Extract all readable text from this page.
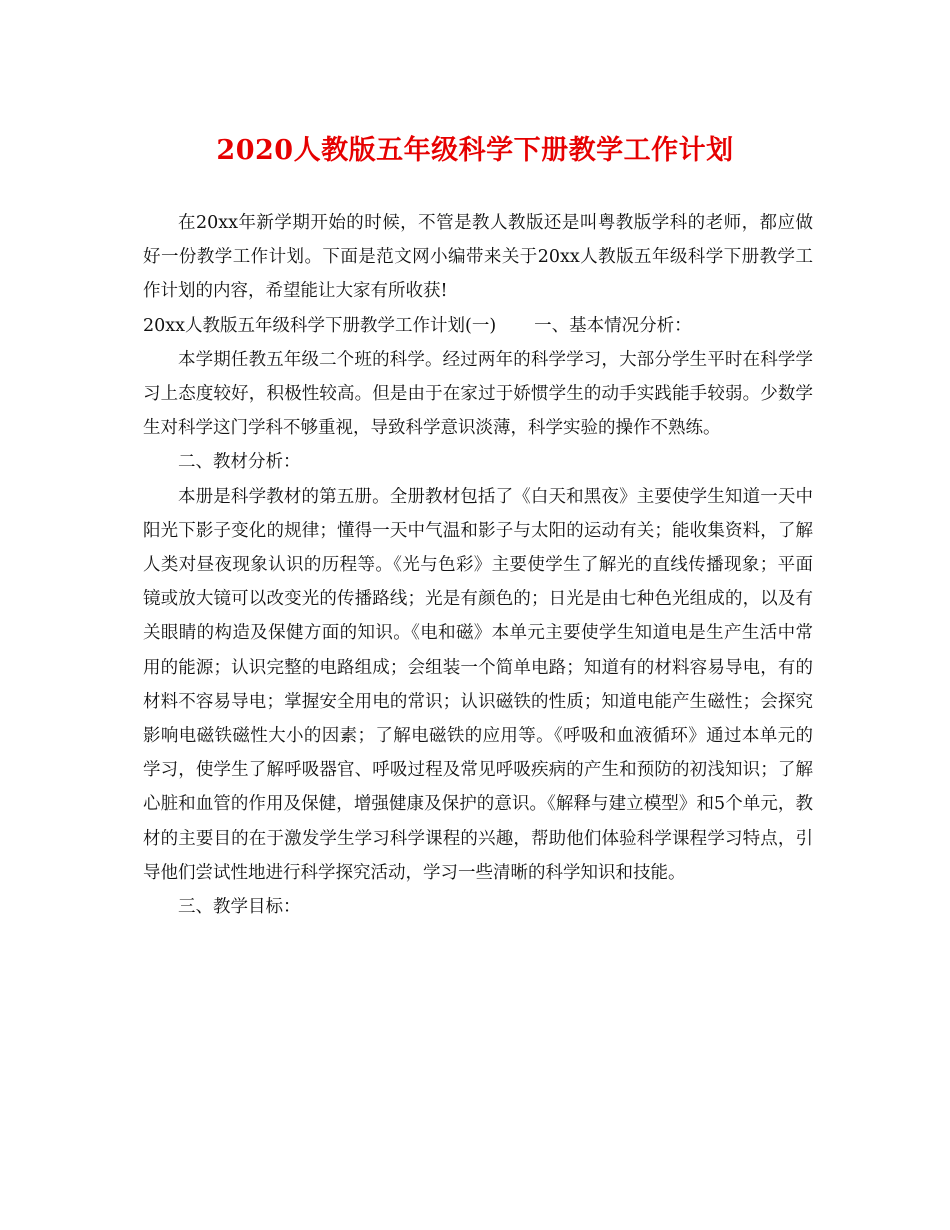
2020人教版五年级科学下册教学工作计划

在20xx年新学期开始的时候，不管是教人教版还是叫粤教版学科的老师，都应做好一份教学工作计划。下面是范文网小编带来关于20xx人教版五年级科学下册教学工作计划的内容，希望能让大家有所收获!

20xx人教版五年级科学下册教学工作计划(一) 一、基本情况分析：

本学期任教五年级二个班的科学。经过两年的科学学习，大部分学生平时在科学学习上态度较好，积极性较高。但是由于在家过于娇惯学生的动手实践能手较弱。少数学生对科学这门学科不够重视，导致科学意识淡薄，科学实验的操作不熟练。

二、教材分析：

本册是科学教材的第五册。全册教材包括了《白天和黑夜》主要使学生知道一天中阳光下影子变化的规律；懂得一天中气温和影子与太阳的运动有关；能收集资料，了解人类对昼夜现象认识的历程等。《光与色彩》主要使学生了解光的直线传播现象；平面镜或放大镜可以改变光的传播路线；光是有颜色的；日光是由七种色光组成的，以及有关眼睛的构造及保健方面的知识。《电和磁》本单元主要使学生知道电是生产生活中常用的能源；认识完整的电路组成；会组装一个简单电路；知道有的材料容易导电，有的材料不容易导电；掌握安全用电的常识；认识磁铁的性质；知道电能产生磁性；会探究影响电磁铁磁性大小的因素；了解电磁铁的应用等。《呼吸和血液循环》通过本单元的学习，使学生了解呼吸器官、呼吸过程及常见呼吸疾病的产生和预防的初浅知识；了解心脏和血管的作用及保健，增强健康及保护的意识。《解释与建立模型》和5个单元，教材的主要目的在于激发学生学习科学课程的兴趣，帮助他们体验科学课程学习特点，引导他们尝试性地进行科学探究活动，学习一些清晰的科学知识和技能。

三、教学目标：
